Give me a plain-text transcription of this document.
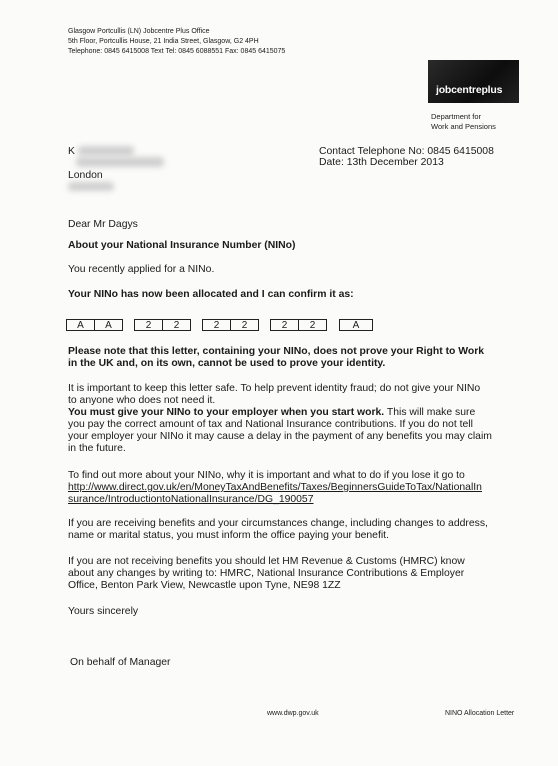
Glasgow Portcullis (LN) Jobcentre Plus Office
5th Floor, Portcullis House, 21 India Street, Glasgow, G2 4PH
Telephone: 0845 6415008 Text Tel: 0845 6088551 Fax: 0845 6415075
jobcentreplus
Department for
Work and Pensions
K
London
Contact Telephone No: 0845 6415008
Date: 13th December 2013
Dear Mr Dagys
About your National Insurance Number (NINo)
You recently applied for a NINo.
Your NINo has now been allocated and I can confirm it as:
A	A	2	2	2	2	2	2	A
Please note that this letter, containing your NINo, does not prove your Right to Work
in the UK and, on its own, cannot be used to prove your identity.
It is important to keep this letter safe. To help prevent identity fraud; do not give your NINo
to anyone who does not need it.
You must give your NINo to your employer when you start work. This will make sure
you pay the correct amount of tax and National Insurance contributions. If you do not tell
your employer your NINo it may cause a delay in the payment of any benefits you may claim
in the future.
To find out more about your NINo, why it is important and what to do if you lose it go to
http://www.direct.gov.uk/en/MoneyTaxAndBenefits/Taxes/BeginnersGuideToTax/NationalIn
surance/IntroductiontoNationalInsurance/DG_190057
If you are receiving benefits and your circumstances change, including changes to address,
name or marital status, you must inform the office paying your benefit.
If you are not receiving benefits you should let HM Revenue & Customs (HMRC) know
about any changes by writing to: HMRC, National Insurance Contributions & Employer
Office, Benton Park View, Newcastle upon Tyne, NE98 1ZZ
Yours sincerely
On behalf of Manager
www.dwp.gov.uk	NINO Allocation Letter
